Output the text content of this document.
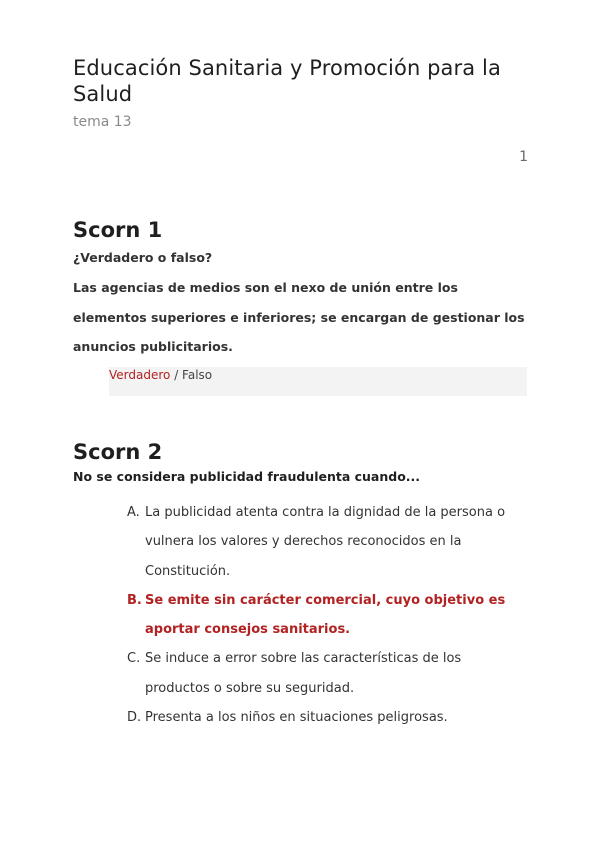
Educación Sanitaria y Promoción para la Salud
tema 13
1
Scorn 1
¿Verdadero o falso?
Las agencias de medios son el nexo de unión entre los elementos superiores e inferiores; se encargan de gestionar los anuncios publicitarios.
Verdadero / Falso
Scorn 2
No se considera publicidad fraudulenta cuando...
A. La publicidad atenta contra la dignidad de la persona o vulnera los valores y derechos reconocidos en la Constitución.
B. Se emite sin carácter comercial, cuyo objetivo es aportar consejos sanitarios.
C. Se induce a error sobre las características de los productos o sobre su seguridad.
D. Presenta a los niños en situaciones peligrosas.
